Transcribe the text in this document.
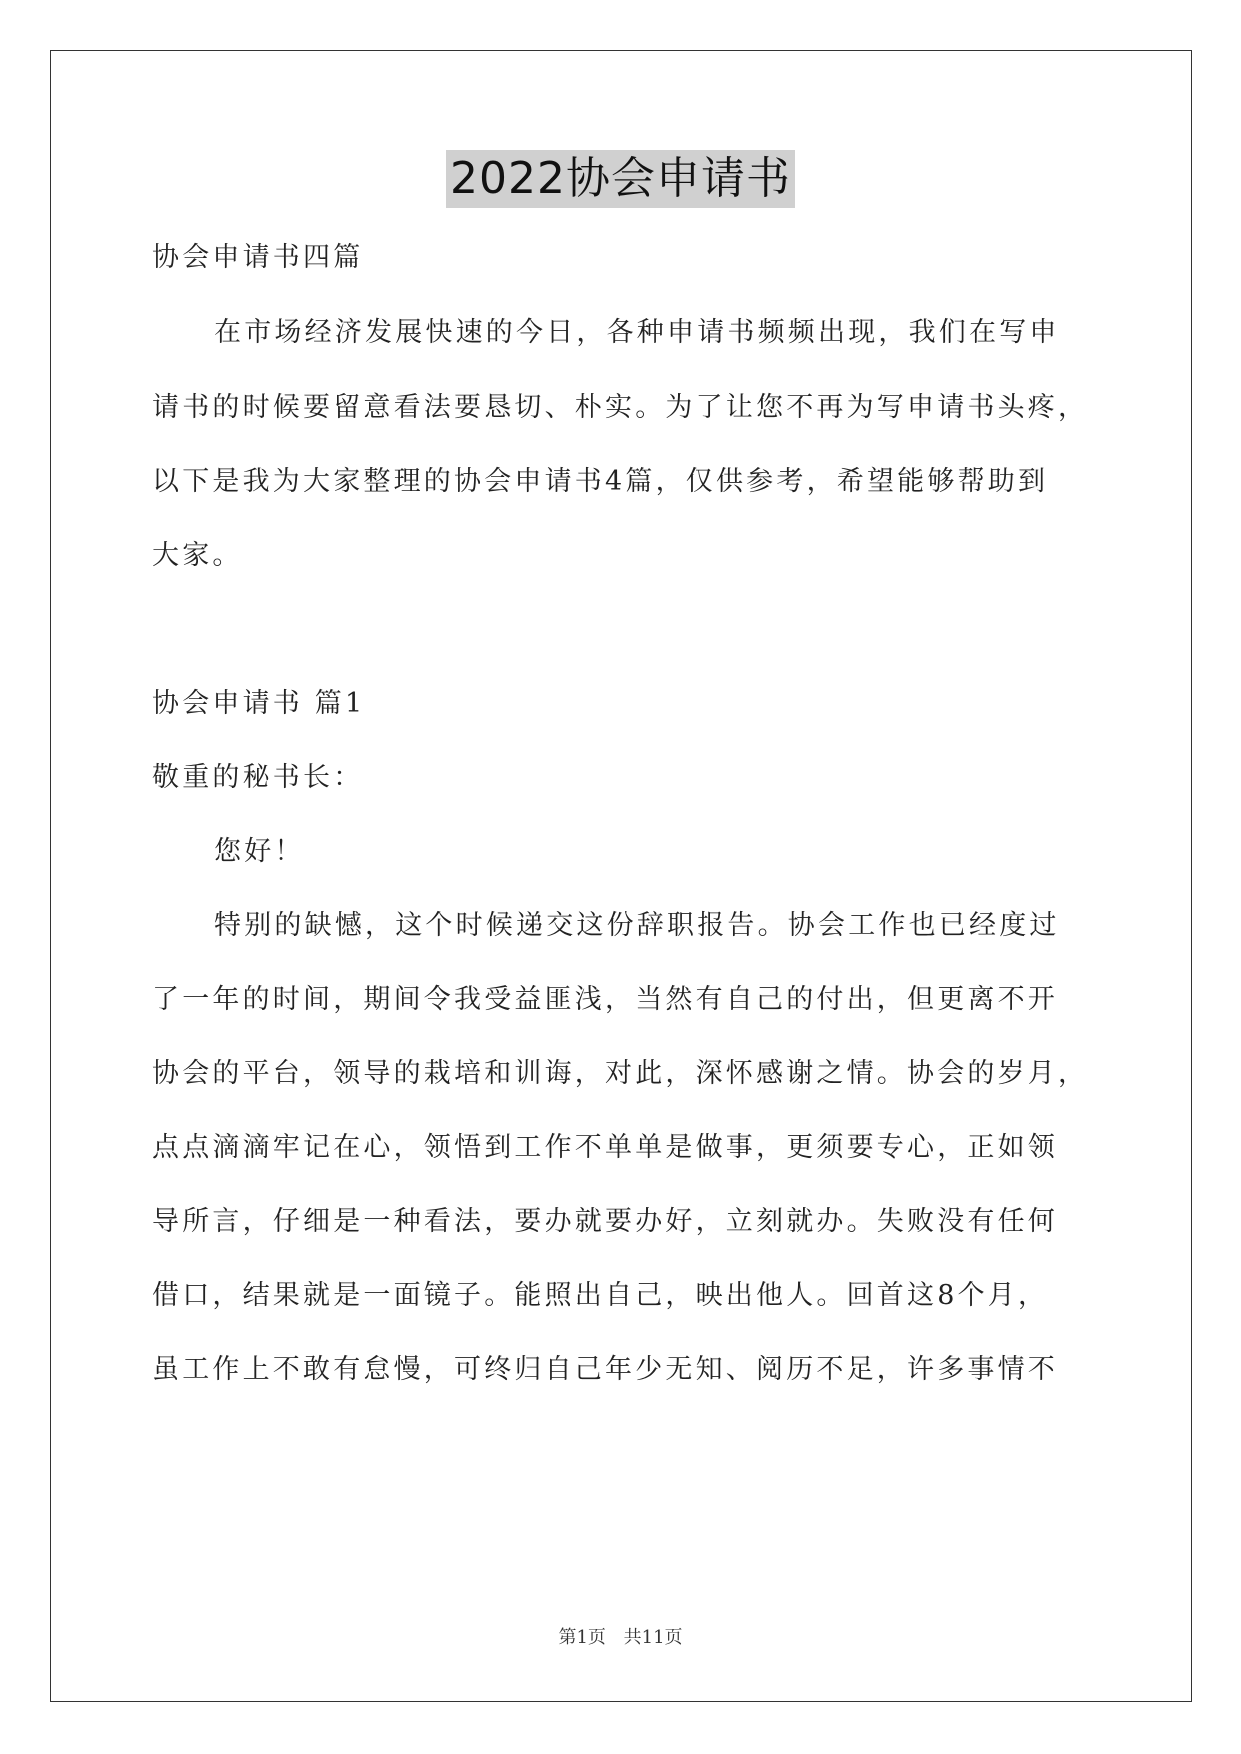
2022协会申请书
协会申请书四篇
在市场经济发展快速的今日，各种申请书频频出现，我们在写申
请书的时候要留意看法要恳切、朴实。为了让您不再为写申请书头疼，
以下是我为大家整理的协会申请书4篇，仅供参考，希望能够帮助到
大家。
协会申请书 篇1
敬重的秘书长：
您好！
特别的缺憾，这个时候递交这份辞职报告。协会工作也已经度过
了一年的时间，期间令我受益匪浅，当然有自己的付出，但更离不开
协会的平台，领导的栽培和训诲，对此，深怀感谢之情。协会的岁月，
点点滴滴牢记在心，领悟到工作不单单是做事，更须要专心，正如领
导所言，仔细是一种看法，要办就要办好，立刻就办。失败没有任何
借口，结果就是一面镜子。能照出自己，映出他人。回首这8个月，
虽工作上不敢有怠慢，可终归自己年少无知、阅历不足，许多事情不
第1页 共11页
